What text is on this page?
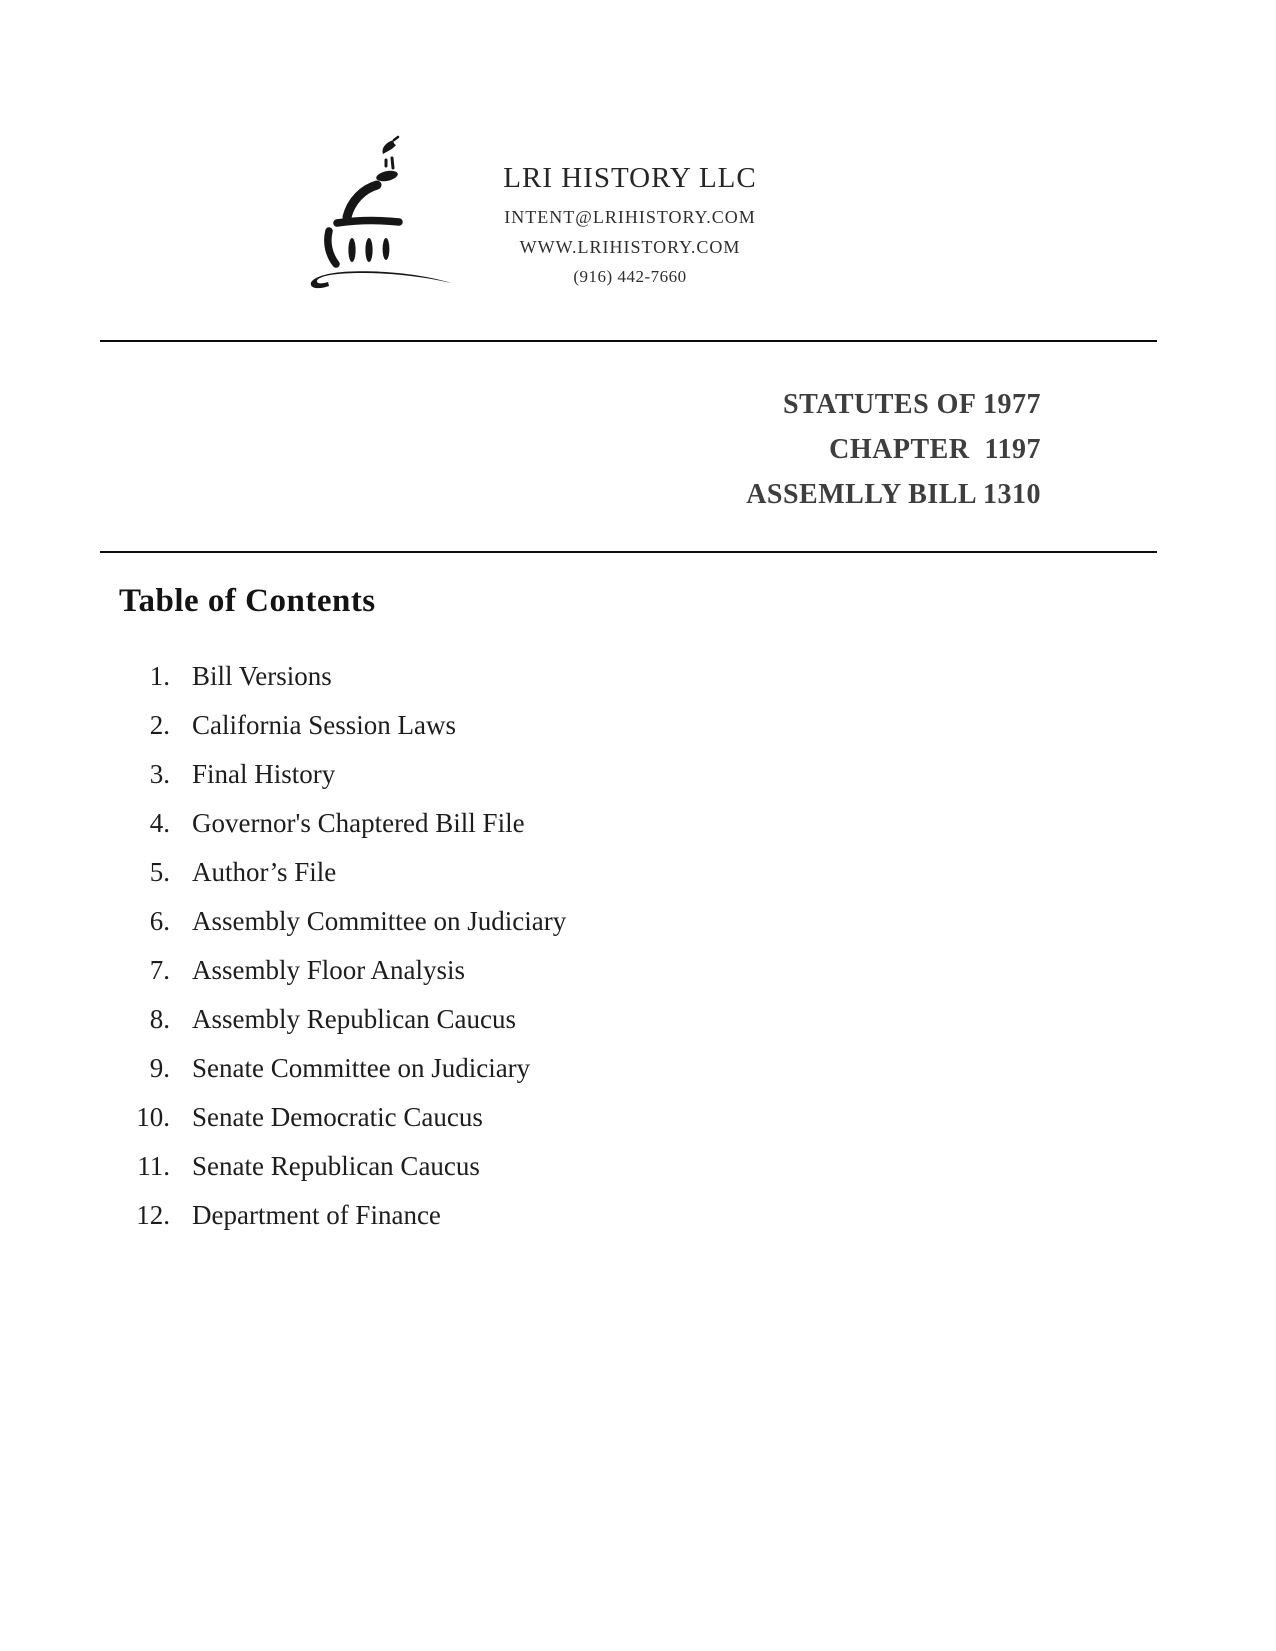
LRI HISTORY LLC
INTENT@LRIHISTORY.COM
WWW.LRIHISTORY.COM
(916) 442-7660
STATUTES OF 1977
CHAPTER  1197
ASSEMLLY BILL 1310
Table of Contents
1. Bill Versions
2. California Session Laws
3. Final History
4. Governor's Chaptered Bill File
5. Author’s File
6. Assembly Committee on Judiciary
7. Assembly Floor Analysis
8. Assembly Republican Caucus
9. Senate Committee on Judiciary
10. Senate Democratic Caucus
11. Senate Republican Caucus
12. Department of Finance
